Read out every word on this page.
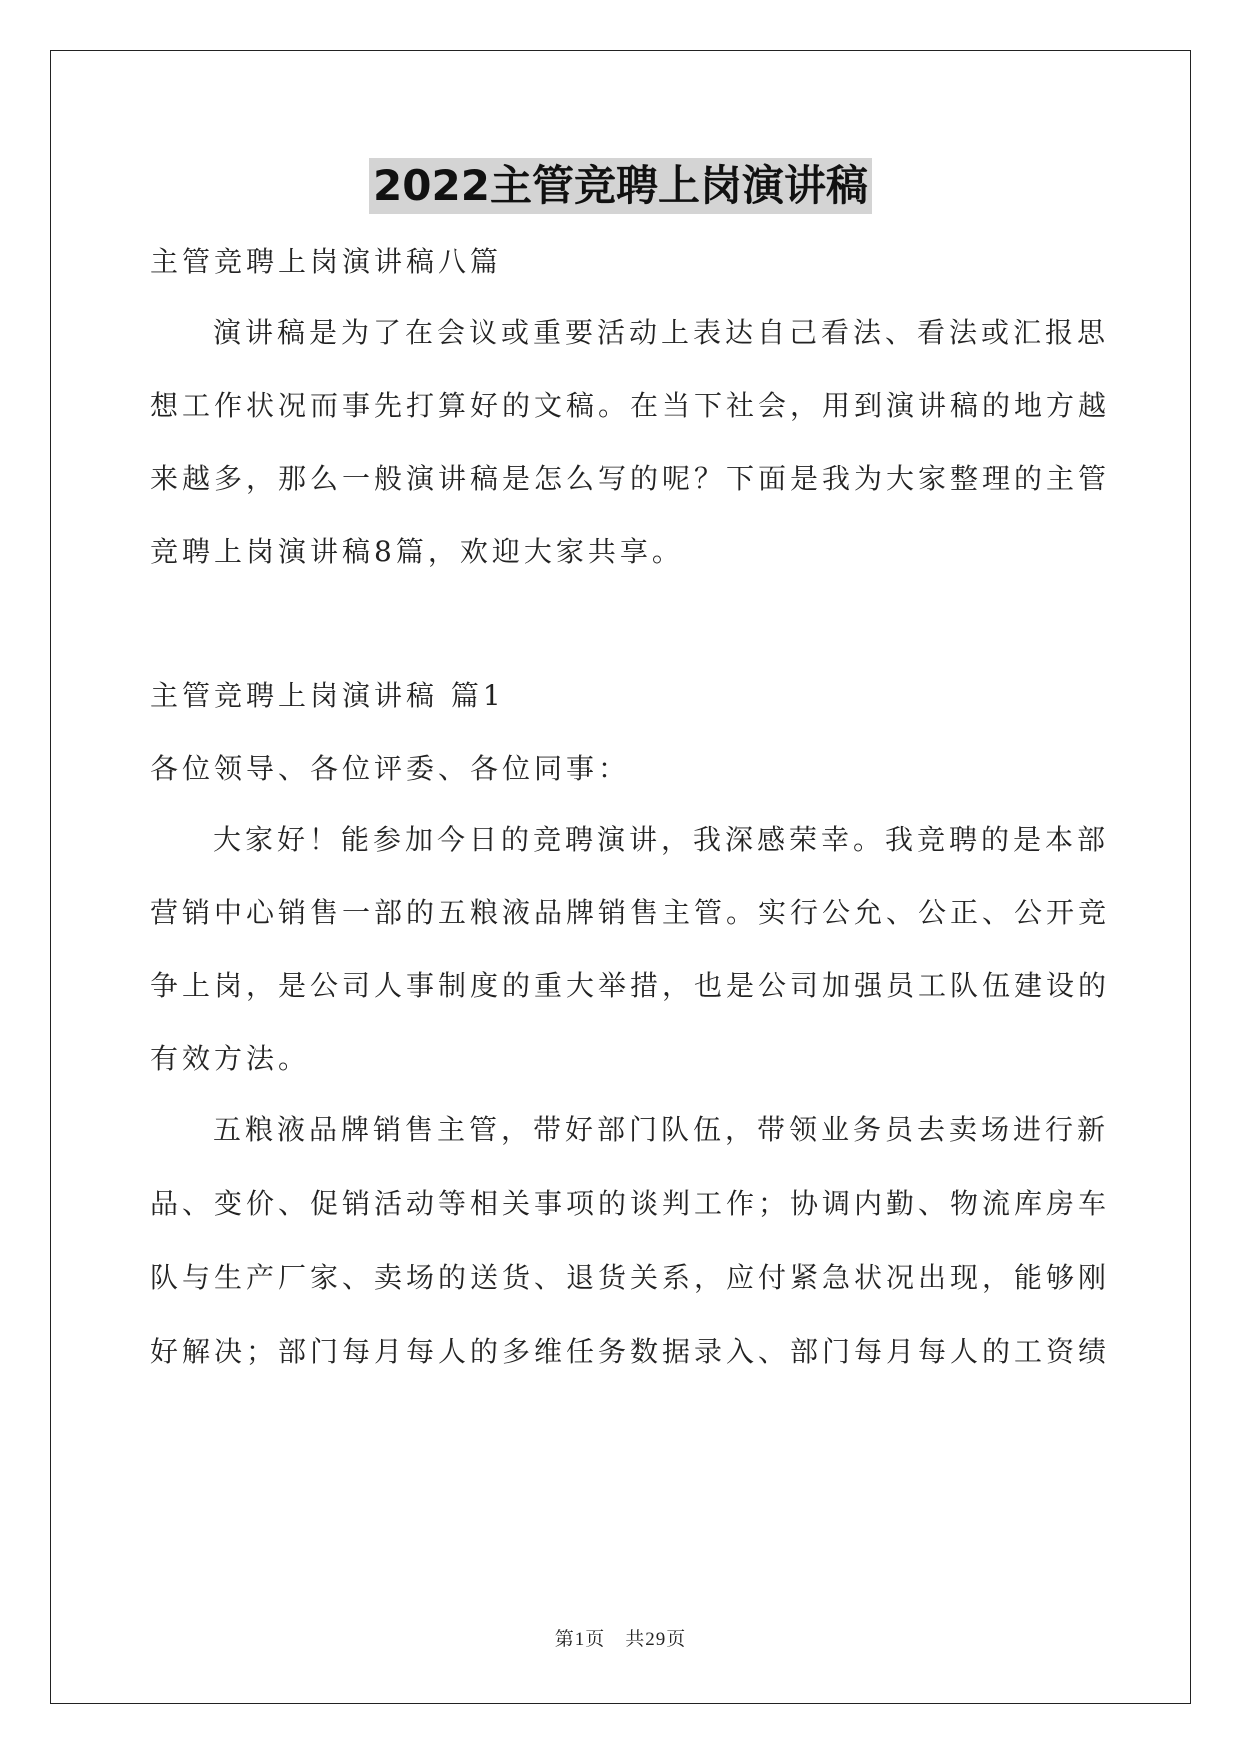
2022主管竞聘上岗演讲稿
主管竞聘上岗演讲稿八篇
演讲稿是为了在会议或重要活动上表达自己看法、看法或汇报思
想工作状况而事先打算好的文稿。在当下社会，用到演讲稿的地方越
来越多，那么一般演讲稿是怎么写的呢？下面是我为大家整理的主管
竞聘上岗演讲稿8篇，欢迎大家共享。
主管竞聘上岗演讲稿 篇1
各位领导、各位评委、各位同事：
大家好！能参加今日的竞聘演讲，我深感荣幸。我竞聘的是本部
营销中心销售一部的五粮液品牌销售主管。实行公允、公正、公开竞
争上岗，是公司人事制度的重大举措，也是公司加强员工队伍建设的
有效方法。
五粮液品牌销售主管，带好部门队伍，带领业务员去卖场进行新
品、变价、促销活动等相关事项的谈判工作；协调内勤、物流库房车
队与生产厂家、卖场的送货、退货关系，应付紧急状况出现，能够刚
好解决；部门每月每人的多维任务数据录入、部门每月每人的工资绩
第1页　共29页
